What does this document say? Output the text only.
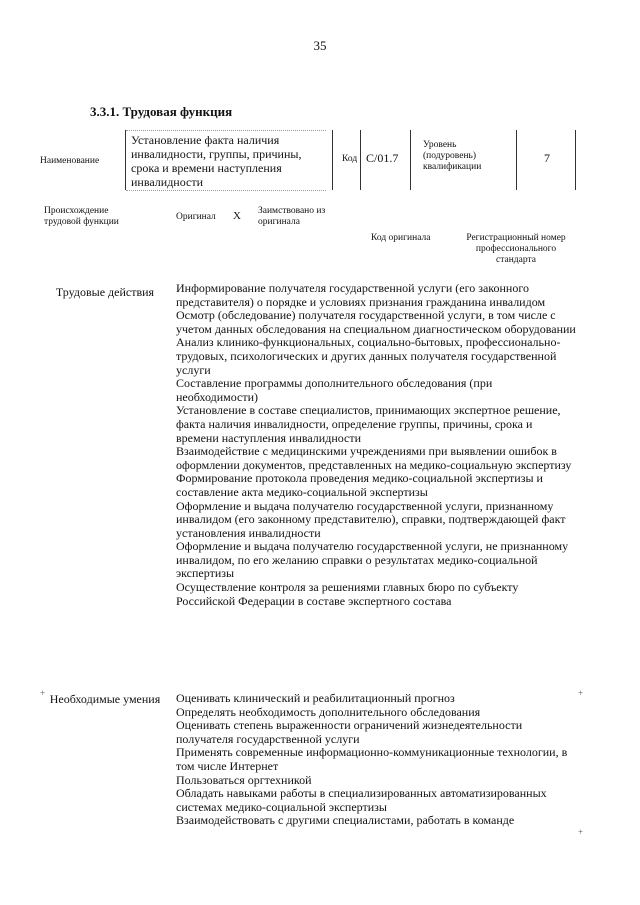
35
3.3.1. Трудовая функция
Наименование
Установление факта наличия инвалидности, группы, причины, срока и времени наступления инвалидности
Код C/01.7
Уровень (подуровень) квалификации
7
Происхождение трудовой функции	Оригинал X Заимствовано из оригинала
Код оригинала	Регистрационный номер профессионального стандарта
Трудовые действия	Информирование получателя государственной услуги (его законного представителя) о порядке и условиях признания гражданина инвалидом

Осмотр (обследование) получателя государственной услуги, в том числе с учетом данных обследования на специальном диагностическом оборудовании

Анализ клинико-функциональных, социально-бытовых, профессионально-трудовых, психологических и других данных получателя государственной услуги

Составление программы дополнительного обследования (при необходимости)

Установление в составе специалистов, принимающих экспертное решение, факта наличия инвалидности, определение группы, причины, срока и времени наступления инвалидности

Взаимодействие с медицинскими учреждениями при выявлении ошибок в оформлении документов, представленных на медико-социальную экспертизу

Формирование протокола проведения медико-социальной экспертизы и составление акта медико-социальной экспертизы

Оформление и выдача получателю государственной услуги, признанному инвалидом (его законному представителю), справки, подтверждающей факт установления инвалидности

Оформление и выдача получателю государственной услуги, не признанному инвалидом, по его желанию справки о результатах медико-социальной экспертизы

Осуществление контроля за решениями главных бюро по субъекту Российской Федерации в составе экспертного состава

Необходимые умения	Оценивать клинический и реабилитационный прогноз

Определять необходимость дополнительного обследования

Оценивать степень выраженности ограничений жизнедеятельности получателя государственной услуги

Применять современные информационно-коммуникационные технологии, в том числе Интернет

Пользоваться оргтехникой

Обладать навыками работы в специализированных автоматизированных системах медико-социальной экспертизы

Взаимодействовать с другими специалистами, работать в команде

+	+
+
